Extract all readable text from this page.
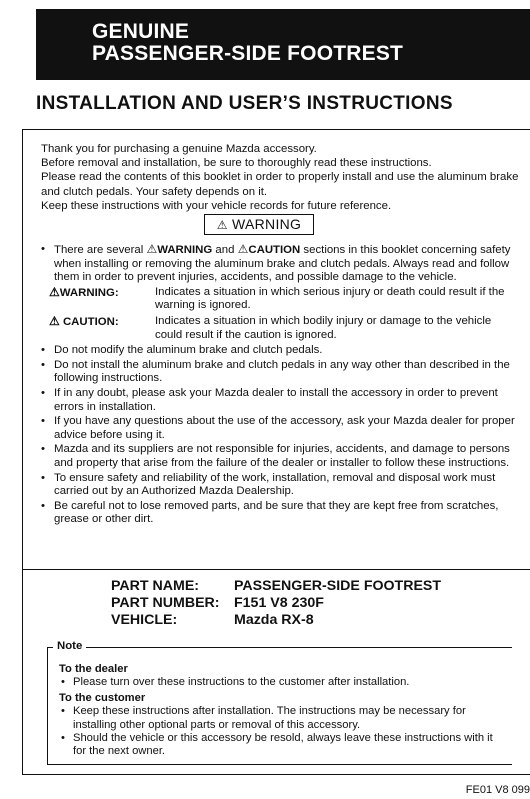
GENUINE
PASSENGER-SIDE FOOTREST
INSTALLATION AND USER’S INSTRUCTIONS
Thank you for purchasing a genuine Mazda accessory.
Before removal and installation, be sure to thoroughly read these instructions.
Please read the contents of this booklet in order to properly install and use the aluminum brake and clutch pedals. Your safety depends on it.
Keep these instructions with your vehicle records for future reference.
⚠ WARNING
• There are several ⚠WARNING and ⚠CAUTION sections in this booklet concerning safety when installing or removing the aluminum brake and clutch pedals. Always read and follow them in order to prevent injuries, accidents, and possible damage to the vehicle.
⚠WARNING:	Indicates a situation in which serious injury or death could result if the warning is ignored.
⚠ CAUTION:	Indicates a situation in which bodily injury or damage to the vehicle could result if the caution is ignored.
• Do not modify the aluminum brake and clutch pedals.
• Do not install the aluminum brake and clutch pedals in any way other than described in the following instructions.
• If in any doubt, please ask your Mazda dealer to install the accessory in order to prevent errors in installation.
• If you have any questions about the use of the accessory, ask your Mazda dealer for proper advice before using it.
• Mazda and its suppliers are not responsible for injuries, accidents, and damage to persons and property that arise from the failure of the dealer or installer to follow these instructions.
• To ensure safety and reliability of the work, installation, removal and disposal work must carried out by an Authorized Mazda Dealership.
• Be careful not to lose removed parts, and be sure that they are kept free from scratches, grease or other dirt.
PART NAME:	PASSENGER-SIDE FOOTREST
PART NUMBER:	F151 V8 230F
VEHICLE:	Mazda RX-8
Note
To the dealer
• Please turn over these instructions to the customer after installation.
To the customer
• Keep these instructions after installation. The instructions may be necessary for installing other optional parts or removal of this accessory.
• Should the vehicle or this accessory be resold, always leave these instructions with it for the next owner.
FE01 V8 099
